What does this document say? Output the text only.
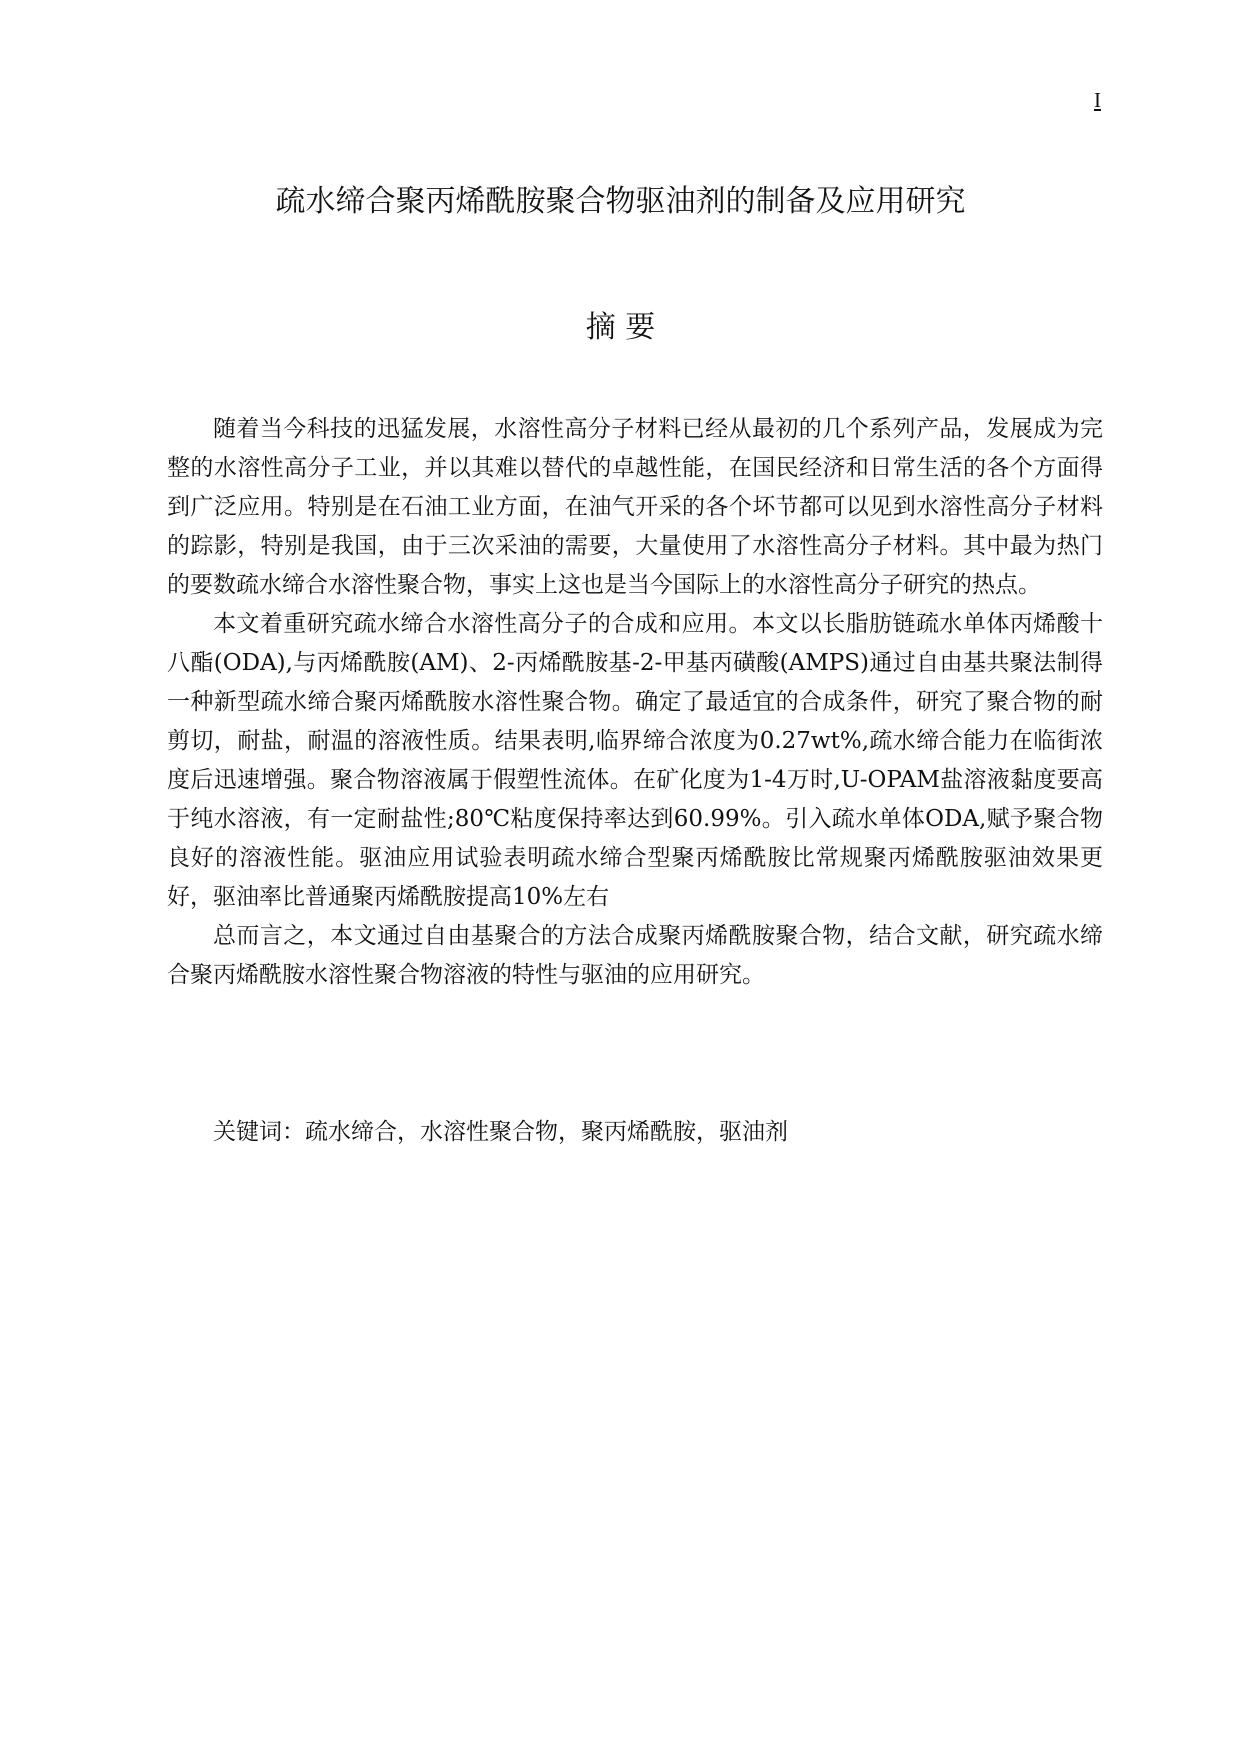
I
疏水缔合聚丙烯酰胺聚合物驱油剂的制备及应用研究
摘 要

随着当今科技的迅猛发展，水溶性高分子材料已经从最初的几个系列产品，发展成为完整的水溶性高分子工业，并以其难以替代的卓越性能，在国民经济和日常生活的各个方面得到广泛应用。特别是在石油工业方面，在油气开采的各个坏节都可以见到水溶性高分子材料的踪影，特别是我国，由于三次采油的需要，大量使用了水溶性高分子材料。其中最为热门的要数疏水缔合水溶性聚合物，事实上这也是当今国际上的水溶性高分子研究的热点。

本文着重研究疏水缔合水溶性高分子的合成和应用。本文以长脂肪链疏水单体丙烯酸十八酯(ODA),与丙烯酰胺(AM)、2-丙烯酰胺基-2-甲基丙磺酸(AMPS)通过自由基共聚法制得一种新型疏水缔合聚丙烯酰胺水溶性聚合物。确定了最适宜的合成条件，研究了聚合物的耐剪切，耐盐，耐温的溶液性质。结果表明,临界缔合浓度为0.27wt%,疏水缔合能力在临街浓度后迅速增强。聚合物溶液属于假塑性流体。在矿化度为1-4万时,U-OPAM盐溶液黏度要高于纯水溶液，有一定耐盐性;80℃粘度保持率达到60.99%。引入疏水单体ODA,赋予聚合物良好的溶液性能。驱油应用试验表明疏水缔合型聚丙烯酰胺比常规聚丙烯酰胺驱油效果更好，驱油率比普通聚丙烯酰胺提高10%左右

总而言之，本文通过自由基聚合的方法合成聚丙烯酰胺聚合物，结合文献，研究疏水缔合聚丙烯酰胺水溶性聚合物溶液的特性与驱油的应用研究。

关键词：疏水缔合，水溶性聚合物，聚丙烯酰胺，驱油剂
